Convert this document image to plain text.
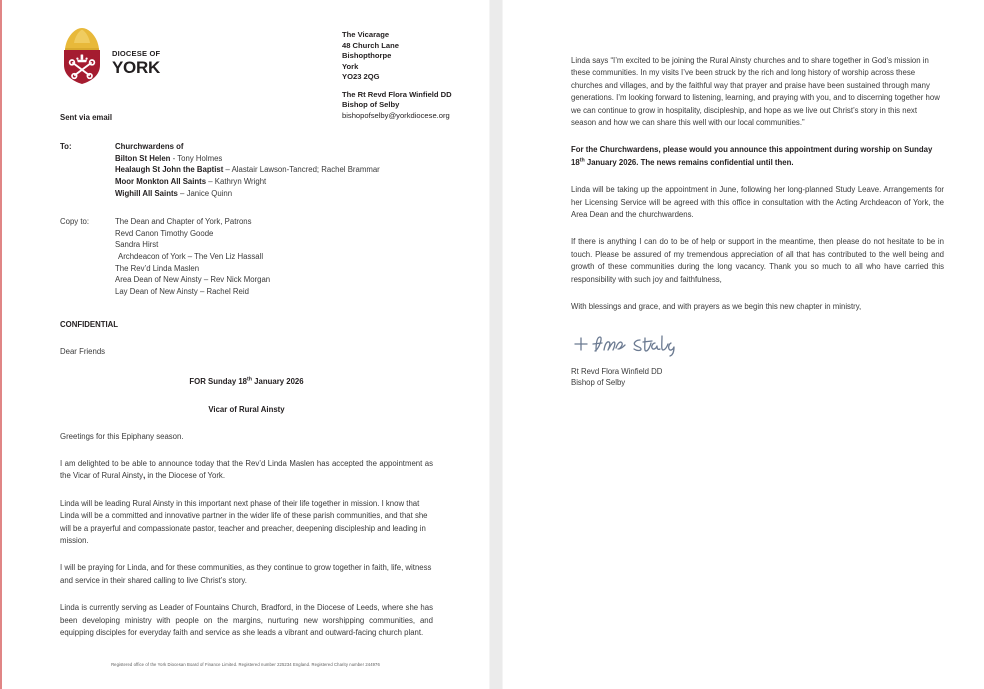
DIOCESE OF
YORK
The Vicarage
48 Church Lane
Bishopthorpe
York
YO23 2QG
The Rt Revd Flora Winfield DD
Bishop of Selby
bishopofselby@yorkdiocese.org
Sent via email
To:	Churchwardens of
Bilton St Helen - Tony Holmes
Healaugh St John the Baptist – Alastair Lawson-Tancred; Rachel Brammar
Moor Monkton All Saints – Kathryn Wright
Wighill All Saints – Janice Quinn
Copy to:	The Dean and Chapter of York, Patrons
Revd Canon Timothy Goode
Sandra Hirst
Archdeacon of York – The Ven Liz Hassall
The Rev’d Linda Maslen
Area Dean of New Ainsty – Rev Nick Morgan
Lay Dean of New Ainsty – Rachel Reid
CONFIDENTIAL
Dear Friends
FOR Sunday 18th January 2026
Vicar of Rural Ainsty
Greetings for this Epiphany season.
I am delighted to be able to announce today that the Rev’d Linda Maslen has accepted the appointment as the Vicar of Rural Ainsty, in the Diocese of York.
Linda will be leading Rural Ainsty in this important next phase of their life together in mission. I know that Linda will be a committed and innovative partner in the wider life of these parish communities, and that she will be a prayerful and compassionate pastor, teacher and preacher, deepening discipleship and leading in mission.
I will be praying for Linda, and for these communities, as they continue to grow together in faith, life, witness and service in their shared calling to live Christ’s story.
Linda is currently serving as Leader of Fountains Church, Bradford, in the Diocese of Leeds, where she has been developing ministry with people on the margins, nurturing new worshipping communities, and equipping disciples for everyday faith and service as she leads a vibrant and outward-facing church plant.
Registered office of the York Diocesan Board of Finance Limited. Registered number 225234 England. Registered Charity number 244976
Linda says “I’m excited to be joining the Rural Ainsty churches and to share together in God’s mission in these communities. In my visits I’ve been struck by the rich and long history of worship across these churches and villages, and by the faithful way that prayer and praise have been sustained through many generations. I’m looking forward to listening, learning, and praying with you, and to discerning together how we can continue to grow in hospitality, discipleship, and hope as we live out Christ’s story in this next season and how we can share this well with our local communities.”
For the Churchwardens, please would you announce this appointment during worship on Sunday 18th January 2026. The news remains confidential until then.
Linda will be taking up the appointment in June, following her long-planned Study Leave. Arrangements for her Licensing Service will be agreed with this office in consultation with the Acting Archdeacon of York, the Area Dean and the churchwardens.
If there is anything I can do to be of help or support in the meantime, then please do not hesitate to be in touch. Please be assured of my tremendous appreciation of all that has contributed to the well being and growth of these communities during the long vacancy. Thank you so much to all who have carried this responsibility with such joy and faithfulness,
With blessings and grace, and with prayers as we begin this new chapter in ministry,
Rt Revd Flora Winfield DD
Bishop of Selby
